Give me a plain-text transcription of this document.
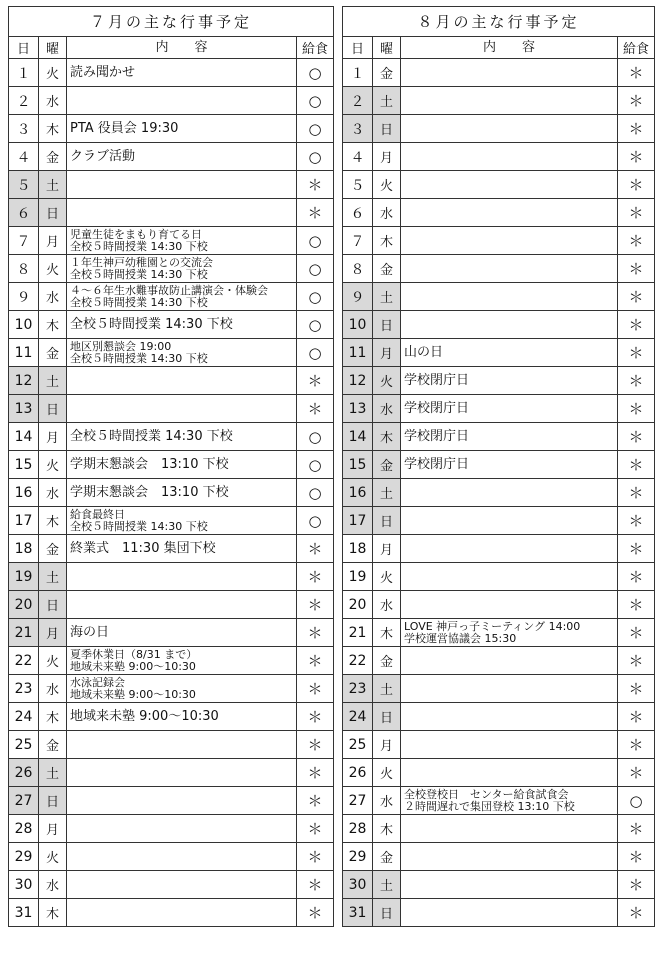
７月の主な行事予定			
日	曜	内容	給食
１	火	読み聞かせ	○
２	水		○
３	木	PTA 役員会 19:30	○
４	金	クラブ活動	○
５	土		＊
６	日		＊
７	月	児童生徒をまもり育てる日
全校５時間授業 14:30 下校	○
８	火	１年生神戸幼稚園との交流会
全校５時間授業 14:30 下校	○
９	水	４～６年生水難事故防止講演会・体験会
全校５時間授業 14:30 下校	○
10	木	全校５時間授業 14:30 下校	○
11	金	地区別懇談会 19:00
全校５時間授業 14:30 下校	○
12	土		＊
13	日		＊
14	月	全校５時間授業 14:30 下校	○
15	火	学期末懇談会　13:10 下校	○
16	水	学期末懇談会　13:10 下校	○
17	木	給食最終日
全校５時間授業 14:30 下校	○
18	金	終業式　11:30 集団下校	＊
19	土		＊
20	日		＊
21	月	海の日	＊
22	火	夏季休業日（8/31 まで）
地域未来塾 9:00～10:30	＊
23	水	水泳記録会
地域未来塾 9:00～10:30	＊
24	木	地域来未塾 9:00～10:30	＊
25	金		＊
26	土		＊
27	日		＊
28	月		＊
29	火		＊
30	水		＊
31	木		＊
８月の主な行事予定			
日	曜	内容	給食
１	金		＊
２	土		＊
３	日		＊
４	月		＊
５	火		＊
６	水		＊
７	木		＊
８	金		＊
９	土		＊
10	日		＊
11	月	山の日	＊
12	火	学校閉庁日	＊
13	水	学校閉庁日	＊
14	木	学校閉庁日	＊
15	金	学校閉庁日	＊
16	土		＊
17	日		＊
18	月		＊
19	火		＊
20	水		＊
21	木	LOVE 神戸っ子ミーティング 14:00
学校運営協議会 15:30	＊
22	金		＊
23	土		＊
24	日		＊
25	月		＊
26	火		＊
27	水	全校登校日　センター給食試食会
２時間遅れで集団登校 13:10 下校	○
28	木		＊
29	金		＊
30	土		＊
31	日		＊
